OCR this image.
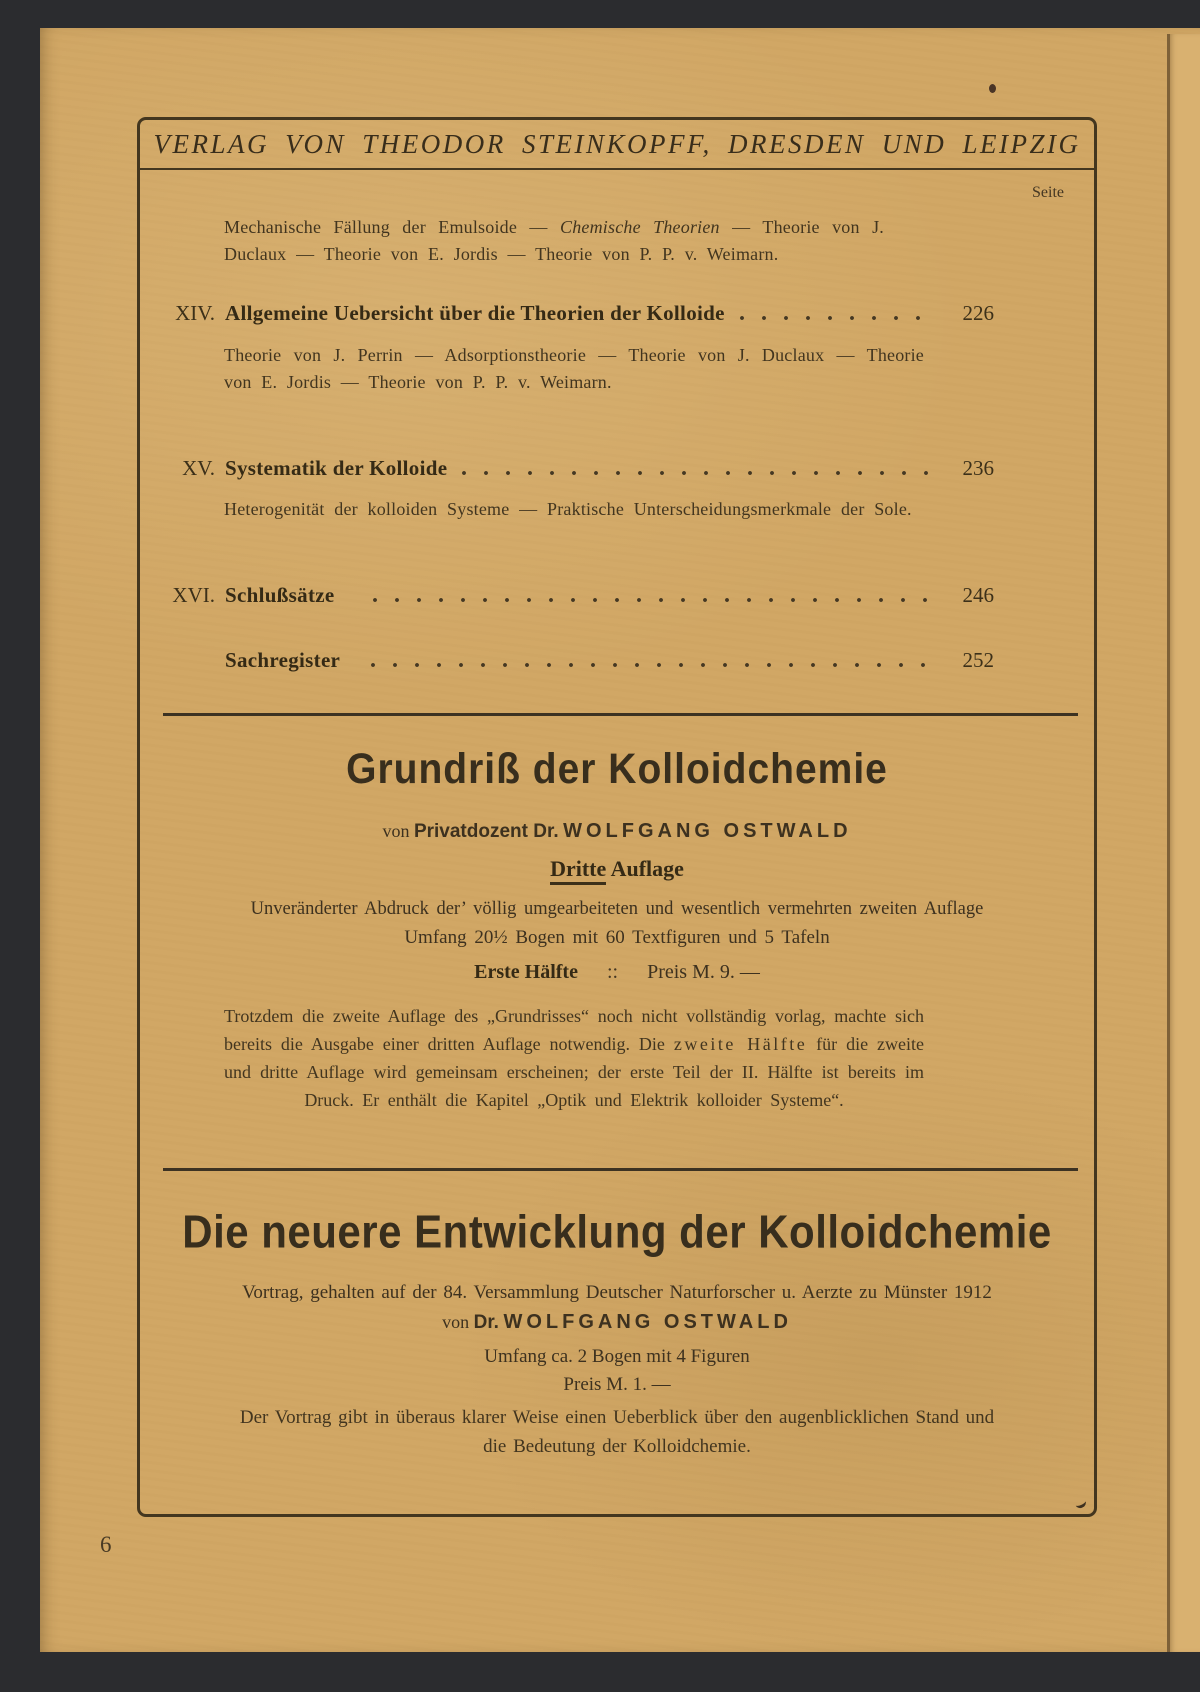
VERLAG VON THEODOR STEINKOPFF, DRESDEN UND LEIPZIG
Seite
Mechanische Fällung der Emulsoide — Chemische Theorien — Theorie von J. Duclaux — Theorie von E. Jordis — Theorie von P. P. v. Weimarn.
XIV. Allgemeine Uebersicht über die Theorien der Kolloide	226
Theorie von J. Perrin — Adsorptionstheorie — Theorie von J. Duclaux — Theorie von E. Jordis — Theorie von P. P. v. Weimarn.
XV. Systematik der Kolloide	236
Heterogenität der kolloiden Systeme — Praktische Unterscheidungsmerkmale der Sole.
XVI. Schlußsätze	246
Sachregister	252
Grundriß der Kolloidchemie
von Privatdozent Dr. WOLFGANG OSTWALD
Dritte Auflage
Unveränderter Abdruck der’ völlig umgearbeiteten und wesentlich vermehrten zweiten Auflage
Umfang 20½ Bogen mit 60 Textfiguren und 5 Tafeln
Erste Hälfte :: Preis M. 9. —
Trotzdem die zweite Auflage des „Grundrisses“ noch nicht vollständig vorlag, machte sich bereits die Ausgabe einer dritten Auflage notwendig. Die zweite Hälfte für die zweite und dritte Auflage wird gemeinsam erscheinen; der erste Teil der II. Hälfte ist bereits im Druck. Er enthält die Kapitel „Optik und Elektrik kolloider Systeme“.
Die neuere Entwicklung der Kolloidchemie
Vortrag, gehalten auf der 84. Versammlung Deutscher Naturforscher u. Aerzte zu Münster 1912
von Dr. WOLFGANG OSTWALD
Umfang ca. 2 Bogen mit 4 Figuren
Preis M. 1. —
Der Vortrag gibt in überaus klarer Weise einen Ueberblick über den augenblicklichen Stand und die Bedeutung der Kolloidchemie.
6
